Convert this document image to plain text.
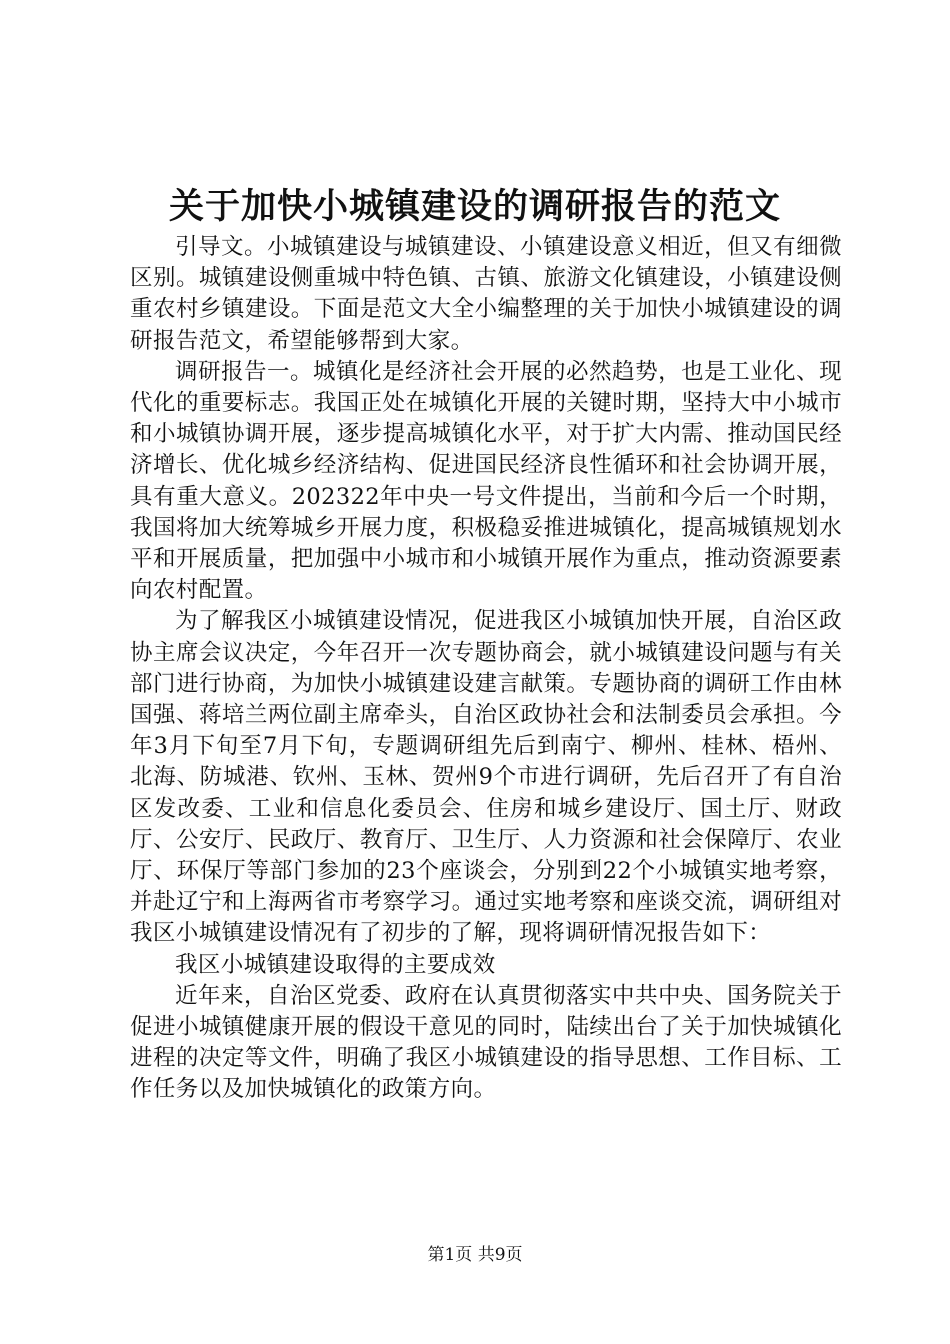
关于加快小城镇建设的调研报告的范文

引导文。小城镇建设与城镇建设、小镇建设意义相近，但又有细微区别。城镇建设侧重城中特色镇、古镇、旅游文化镇建设，小镇建设侧重农村乡镇建设。下面是范文大全小编整理的关于加快小城镇建设的调研报告范文，希望能够帮到大家。

调研报告一。城镇化是经济社会开展的必然趋势，也是工业化、现代化的重要标志。我国正处在城镇化开展的关键时期，坚持大中小城市和小城镇协调开展，逐步提高城镇化水平，对于扩大内需、推动国民经济增长、优化城乡经济结构、促进国民经济良性循环和社会协调开展，具有重大意义。202322年中央一号文件提出，当前和今后一个时期，我国将加大统筹城乡开展力度，积极稳妥推进城镇化，提高城镇规划水平和开展质量，把加强中小城市和小城镇开展作为重点，推动资源要素向农村配置。

为了解我区小城镇建设情况，促进我区小城镇加快开展，自治区政协主席会议决定，今年召开一次专题协商会，就小城镇建设问题与有关部门进行协商，为加快小城镇建设建言献策。专题协商的调研工作由林国强、蒋培兰两位副主席牵头，自治区政协社会和法制委员会承担。今年3月下旬至7月下旬，专题调研组先后到南宁、柳州、桂林、梧州、北海、防城港、钦州、玉林、贺州9个市进行调研，先后召开了有自治区发改委、工业和信息化委员会、住房和城乡建设厅、国土厅、财政厅、公安厅、民政厅、教育厅、卫生厅、人力资源和社会保障厅、农业厅、环保厅等部门参加的23个座谈会，分别到22个小城镇实地考察，并赴辽宁和上海两省市考察学习。通过实地考察和座谈交流，调研组对我区小城镇建设情况有了初步的了解，现将调研情况报告如下：

我区小城镇建设取得的主要成效

近年来，自治区党委、政府在认真贯彻落实中共中央、国务院关于促进小城镇健康开展的假设干意见的同时，陆续出台了关于加快城镇化进程的决定等文件，明确了我区小城镇建设的指导思想、工作目标、工作任务以及加快城镇化的政策方向。

第1页 共9页
